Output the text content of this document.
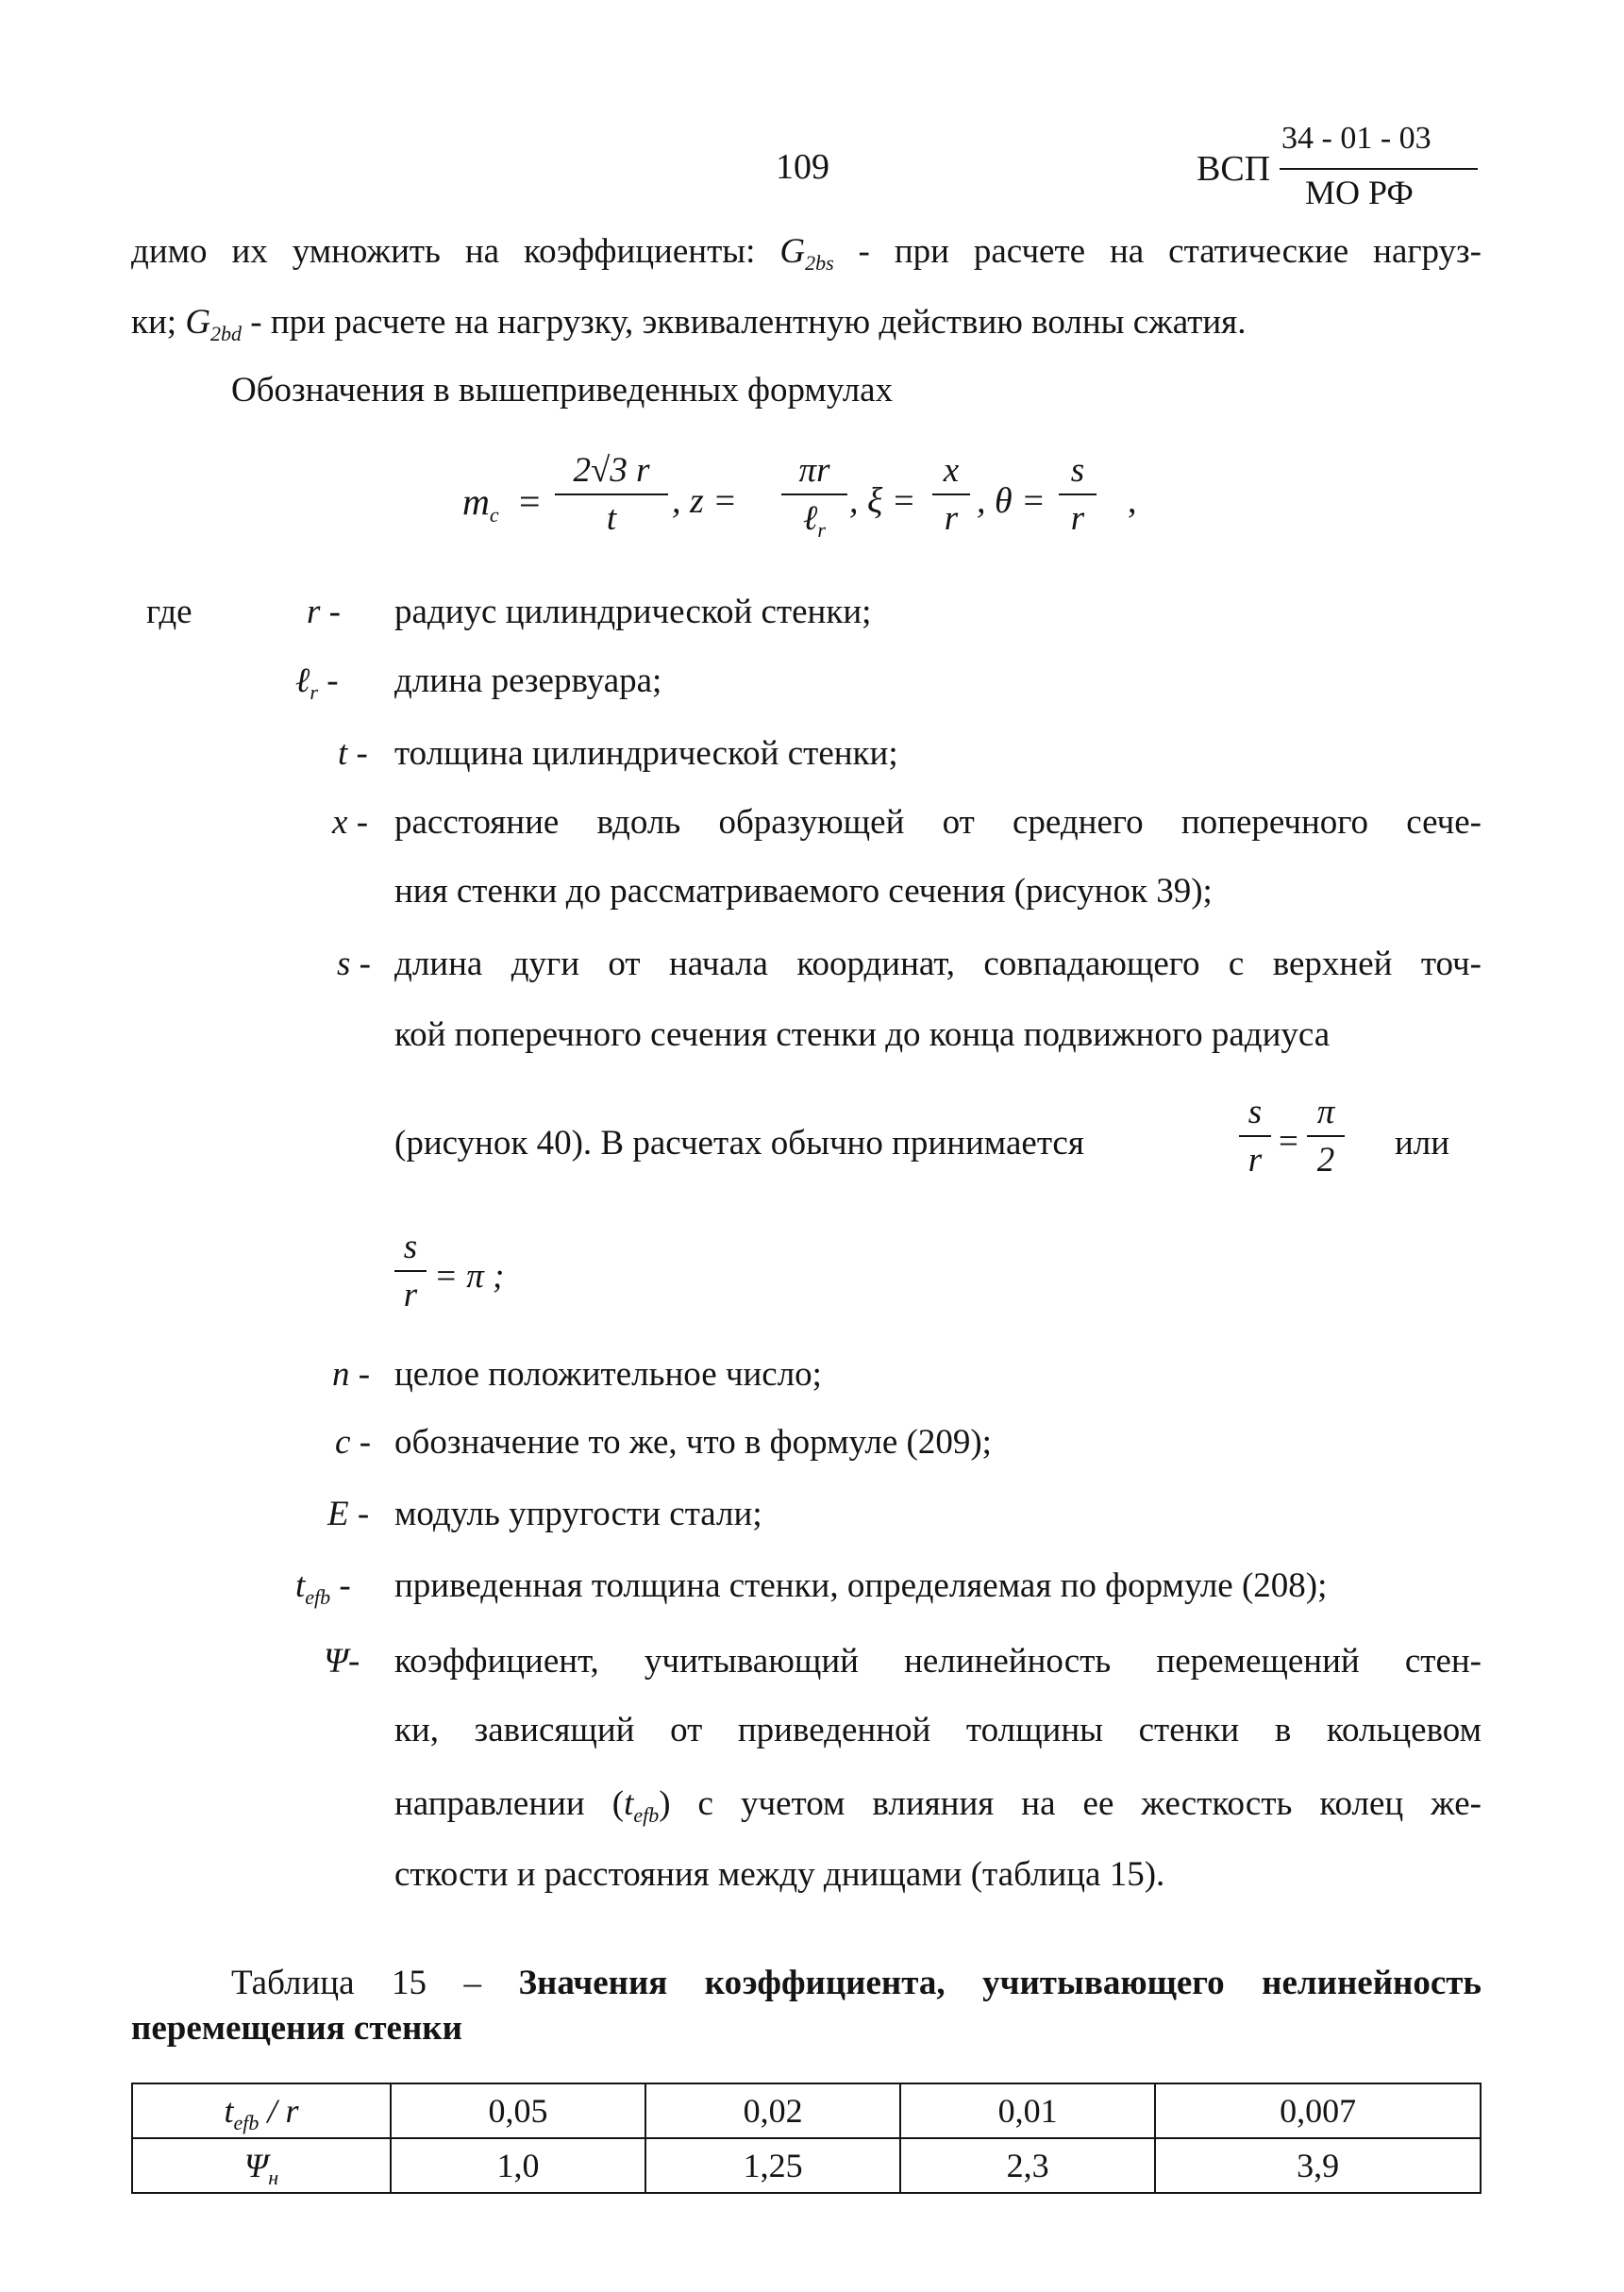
109	ВСП
34 - 01 - 03
МО РФ
димо их умножить на коэффициенты: $G_{2bs}$ - при расчете на статические нагруз-
ки; $G_{2bd}$ - при расчете на нагрузку, эквивалентную действию волны сжатия.
Обозначения в вышеприведенных формулах
$m_c$ =
2√3 r
t	, z =
πr
ℓ$_r$
, ξ =
x
r , θ =
s
r	,
где	r - радиус цилиндрической стенки;
ℓ$_r$ - длина резервуара;
t - толщина цилиндрической стенки;
x - расстояние вдоль образующей от среднего поперечного сече-
ния стенки до рассматриваемого сечения (рисунок 39);
s - длина дуги от начала координат, совпадающего с верхней точ-
кой поперечного сечения стенки до конца подвижного радиуса
(рисунок 40). В расчетах обычно принимается
s
r =
π
2 или
s
r = π ;
n - целое положительное число;
c - обозначение то же, что в формуле (209);
E - модуль упругости стали;
$t_{efb}$ - приведенная толщина стенки, определяемая по формуле (208);
Ψ- коэффициент, учитывающий нелинейность перемещений стен-
ки, зависящий от приведенной толщины стенки в кольцевом
направлении $(t_{efb})$ с учетом влияния на ее жесткость колец же-
сткости и расстояния между днищами (таблица 15).
Таблица 15 – Значения коэффициента, учитывающего нелинейность
перемещения стенки
$t_{efb}$ / r	0,05	0,02	0,01	0,007
$\Psi_н$	1,0	1,25	2,3	3,9
